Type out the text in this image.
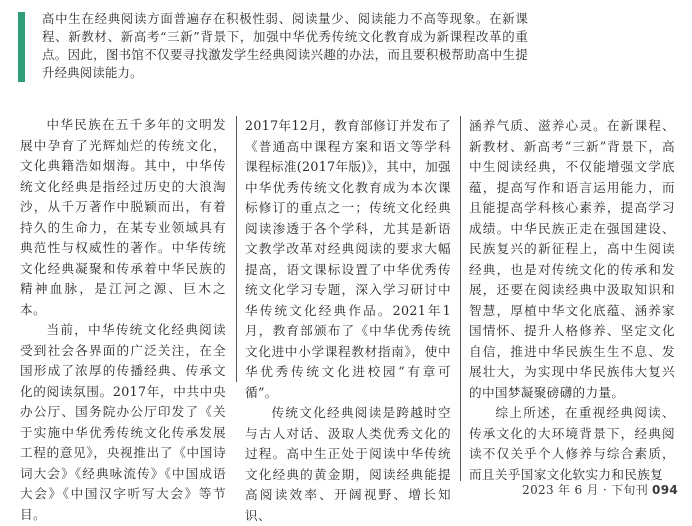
高中生在经典阅读方面普遍存在积极性弱、阅读量少、阅读能力不高等现象。在新课程、新教材、新高考“三新”背景下，加强中华优秀传统文化教育成为新课程改革的重点。因此，图书馆不仅要寻找激发学生经典阅读兴趣的办法，而且要积极帮助高中生提升经典阅读能力。

中华民族在五千多年的文明发展中孕育了光辉灿烂的传统文化，文化典籍浩如烟海。其中，中华传统文化经典是指经过历史的大浪淘沙，从千万著作中脱颖而出，有着持久的生命力，在某专业领域具有典范性与权威性的著作。中华传统文化经典凝聚和传承着中华民族的精神血脉，是江河之源、巨木之本。

当前，中华传统文化经典阅读受到社会各界面的广泛关注，在全国形成了浓厚的传播经典、传承文化的阅读氛围。2017年，中共中央办公厅、国务院办公厅印发了《关于实施中华优秀传统文化传承发展工程的意见》，央视推出了《中国诗词大会》《经典咏流传》《中国成语大会》《中国汉字听写大会》等节目。

2017年12月，教育部修订并发布了《普通高中课程方案和语文等学科课程标准(2017年版)》，其中，加强中华优秀传统文化教育成为本次课标修订的重点之一；传统文化经典阅读渗透于各个学科，尤其是新语文教学改革对经典阅读的要求大幅提高，语文课标设置了中华优秀传统文化学习专题，深入学习研讨中华传统文化经典作品。2021年1月，教育部颁布了《中华优秀传统文化进中小学课程教材指南》，使中华优秀传统文化进校园“有章可循”。

传统文化经典阅读是跨越时空与古人对话、汲取人类优秀文化的过程。高中生正处于阅读中华传统文化经典的黄金期，阅读经典能提高阅读效率、开阔视野、增长知识、

涵养气质、滋养心灵。在新课程、新教材、新高考“三新”背景下，高中生阅读经典，不仅能增强文学底蕴，提高写作和语言运用能力，而且能提高学科核心素养，提高学习成绩。中华民族正走在强国建设、民族复兴的新征程上，高中生阅读经典，也是对传统文化的传承和发展，还要在阅读经典中汲取知识和智慧，厚植中华文化底蕴、涵养家国情怀、提升人格修养、坚定文化自信，推进中华民族生生不息、发展壮大，为实现中华民族伟大复兴的中国梦凝聚磅礴的力量。

综上所述，在重视经典阅读、传承文化的大环境背景下，经典阅读不仅关乎个人修养与综合素质，而且关乎国家文化软实力和民族复

2023 年 6 月 · 下旬刊 094
